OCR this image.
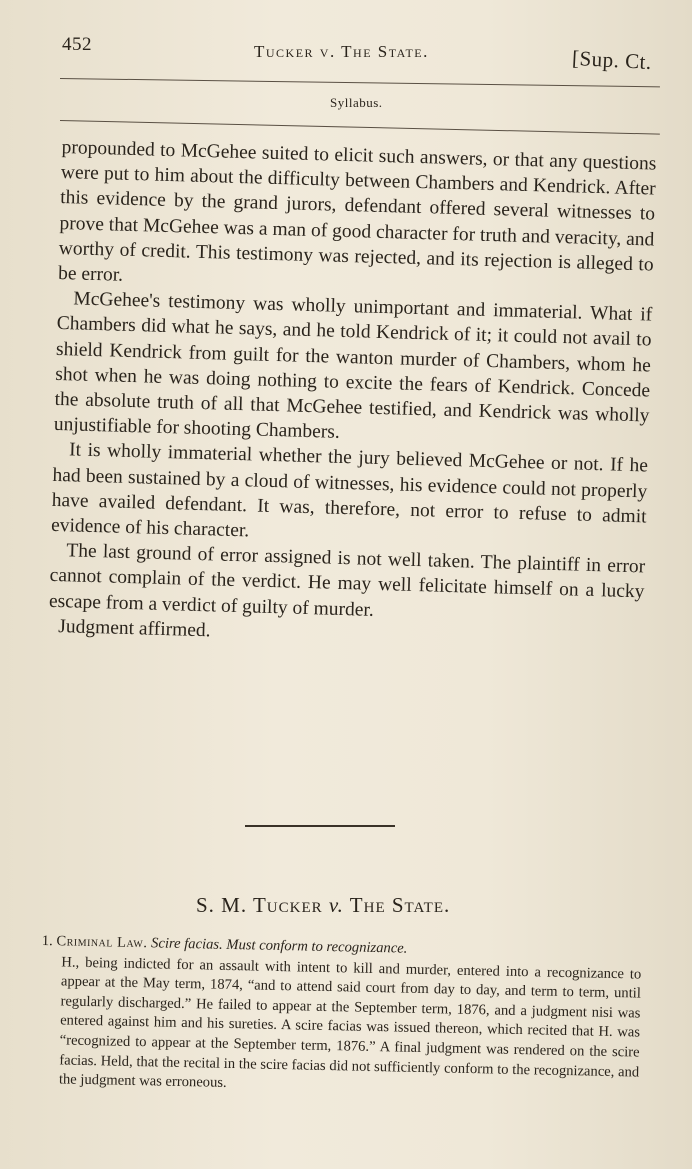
452	Tucker v. The State.	[Sup. Ct.
Syllabus.

propounded to McGehee suited to elicit such answers, or that any questions were put to him about the difficulty between Chambers and Kendrick. After this evidence by the grand jurors, defendant offered several witnesses to prove that McGehee was a man of good character for truth and veracity, and worthy of credit. This testimony was rejected, and its rejection is alleged to be error.

McGehee's testimony was wholly unimportant and immaterial. What if Chambers did what he says, and he told Kendrick of it; it could not avail to shield Kendrick from guilt for the wanton murder of Chambers, whom he shot when he was doing nothing to excite the fears of Kendrick. Concede the absolute truth of all that McGehee testified, and Kendrick was wholly unjustifiable for shooting Chambers.

It is wholly immaterial whether the jury believed McGehee or not. If he had been sustained by a cloud of witnesses, his evidence could not properly have availed defendant. It was, therefore, not error to refuse to admit evidence of his character.

The last ground of error assigned is not well taken. The plaintiff in error cannot complain of the verdict. He may well felicitate himself on a lucky escape from a verdict of guilty of murder.

Judgment affirmed.

S. M. Tucker v. The State.

1. Criminal Law. Scire facias. Must conform to recognizance.

H., being indicted for an assault with intent to kill and murder, entered into a recognizance to appear at the May term, 1874, “and to attend said court from day to day, and term to term, until regularly discharged.” He failed to appear at the September term, 1876, and a judgment nisi was entered against him and his sureties. A scire facias was issued thereon, which recited that H. was “recognized to appear at the September term, 1876.” A final judgment was rendered on the scire facias. Held, that the recital in the scire facias did not sufficiently conform to the recognizance, and the judgment was erroneous.
